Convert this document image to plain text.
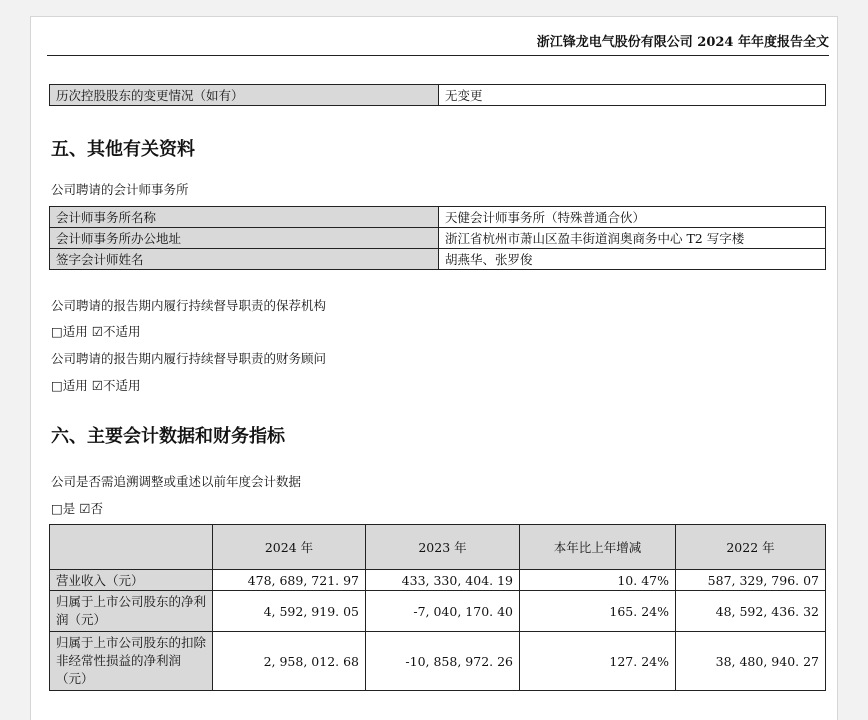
浙江锋龙电气股份有限公司 2024 年年度报告全文
历次控股股东的变更情况（如有）	无变更
五、其他有关资料
公司聘请的会计师事务所
会计师事务所名称	天健会计师事务所（特殊普通合伙）
会计师事务所办公地址	浙江省杭州市萧山区盈丰街道润奥商务中心 T2 写字楼
签字会计师姓名	胡燕华、张罗俊
公司聘请的报告期内履行持续督导职责的保荐机构
□适用 ☑不适用
公司聘请的报告期内履行持续督导职责的财务顾问
□适用 ☑不适用
六、主要会计数据和财务指标
公司是否需追溯调整或重述以前年度会计数据
□是 ☑否
	2024 年	2023 年	本年比上年增减	2022 年
营业收入（元）	478, 689, 721. 97	433, 330, 404. 19	10. 47%	587, 329, 796. 07
归属于上市公司股东的净利润（元）	4, 592, 919. 05	-7, 040, 170. 40	165. 24%	48, 592, 436. 32
归属于上市公司股东的扣除非经常性损益的净利润（元）	2, 958, 012. 68	-10, 858, 972. 26	127. 24%	38, 480, 940. 27
